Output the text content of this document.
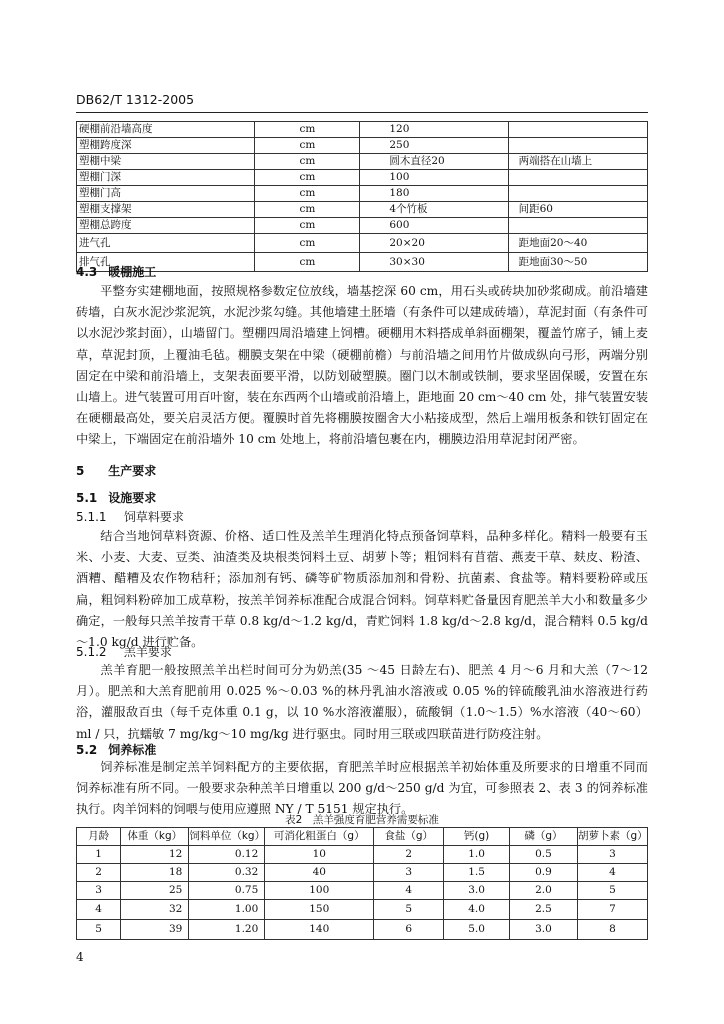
DB62/T 1312-2005
硬棚前沿墙高度	cm	120	
塑棚跨度深	cm	250	
塑棚中梁	cm	圆木直径20	两端搭在山墙上
塑棚门深	cm	100	
塑棚门高	cm	180	
塑棚支撑架	cm	4个竹板	间距60
塑棚总跨度	cm	600	
进气孔	cm	20×20	距地面20～40
排气孔	cm	30×30	距地面30～50
4.3 暖棚施工
平整夯实建棚地面，按照规格参数定位放线，墙基挖深 60 cm，用石头或砖块加砂浆砌成。前沿墙建砖墙，白灰水泥沙浆泥筑，水泥沙浆勾缝。其他墙建土胚墙（有条件可以建成砖墙），草泥封面（有条件可以水泥沙浆封面），山墙留门。塑棚四周沿墙建上饲槽。硬棚用木料搭成单斜面棚架，覆盖竹席子，铺上麦草，草泥封顶，上覆油毛毡。棚膜支架在中梁（硬棚前檐）与前沿墙之间用竹片做成纵向弓形，两端分别固定在中梁和前沿墙上，支架表面要平滑，以防划破塑膜。圈门以木制或铁制，要求坚固保暖，安置在东山墙上。进气装置可用百叶窗，装在东西两个山墙或前沿墙上，距地面 20 cm～40 cm 处，排气装置安装在硬棚最高处，要关启灵活方便。覆膜时首先将棚膜按圈舍大小粘接成型，然后上端用板条和铁钉固定在中梁上，下端固定在前沿墙外 10 cm 处地上，将前沿墙包裹在内，棚膜边沿用草泥封闭严密。
5 生产要求
5.1 设施要求
5.1.1 饲草料要求
结合当地饲草料资源、价格、适口性及羔羊生理消化特点预备饲草料，品种多样化。精料一般要有玉米、小麦、大麦、豆类、油渣类及块根类饲料土豆、胡萝卜等；粗饲料有苜蓿、燕麦干草、麸皮、粉渣、酒糟、醋糟及农作物秸秆；添加剂有钙、磷等矿物质添加剂和骨粉、抗菌素、食盐等。精料要粉碎或压扁，粗饲料粉碎加工成草粉，按羔羊饲养标准配合成混合饲料。饲草料贮备量因育肥羔羊大小和数量多少确定，一般每只羔羊按青干草 0.8 kg/d～1.2 kg/d，青贮饲料 1.8 kg/d～2.8 kg/d，混合精料 0.5 kg/d～1.0 kg/d 进行贮备。
5.1.2 羔羊要求
羔羊育肥一般按照羔羊出栏时间可分为奶羔(35 ～45 日龄左右)、肥羔 4 月～6 月和大羔（7～12 月）。肥羔和大羔育肥前用 0.025 %～0.03 %的林丹乳油水溶液或 0.05 %的锌硫酸乳油水溶液进行药浴，灌服敌百虫（每千克体重 0.1 g，以 10 %水溶液灌服），硫酸铜（1.0～1.5）%水溶液（40～60）ml / 只，抗蠕敏 7 mg/kg～10 mg/kg 进行驱虫。同时用三联或四联苗进行防疫注射。
5.2 饲养标准
饲养标准是制定羔羊饲料配方的主要依据，育肥羔羊时应根据羔羊初始体重及所要求的日增重不同而饲养标准有所不同。一般要求杂种羔羊日增重以 200 g/d～250 g/d 为宜，可参照表 2、表 3 的饲养标准执行。肉羊饲料的饲喂与使用应遵照 NY / T 5151 规定执行。
表2　羔羊强度育肥营养需要标准
月龄	体重（kg）	饲料单位（kg）	可消化粗蛋白（g）	食盐（g）	钙(g)	磷（g）	胡萝卜素（g）
1	12	0.12	10	2	1.0	0.5	3
2	18	0.32	40	3	1.5	0.9	4
3	25	0.75	100	4	3.0	2.0	5
4	32	1.00	150	5	4.0	2.5	7
5	39	1.20	140	6	5.0	3.0	8
4
